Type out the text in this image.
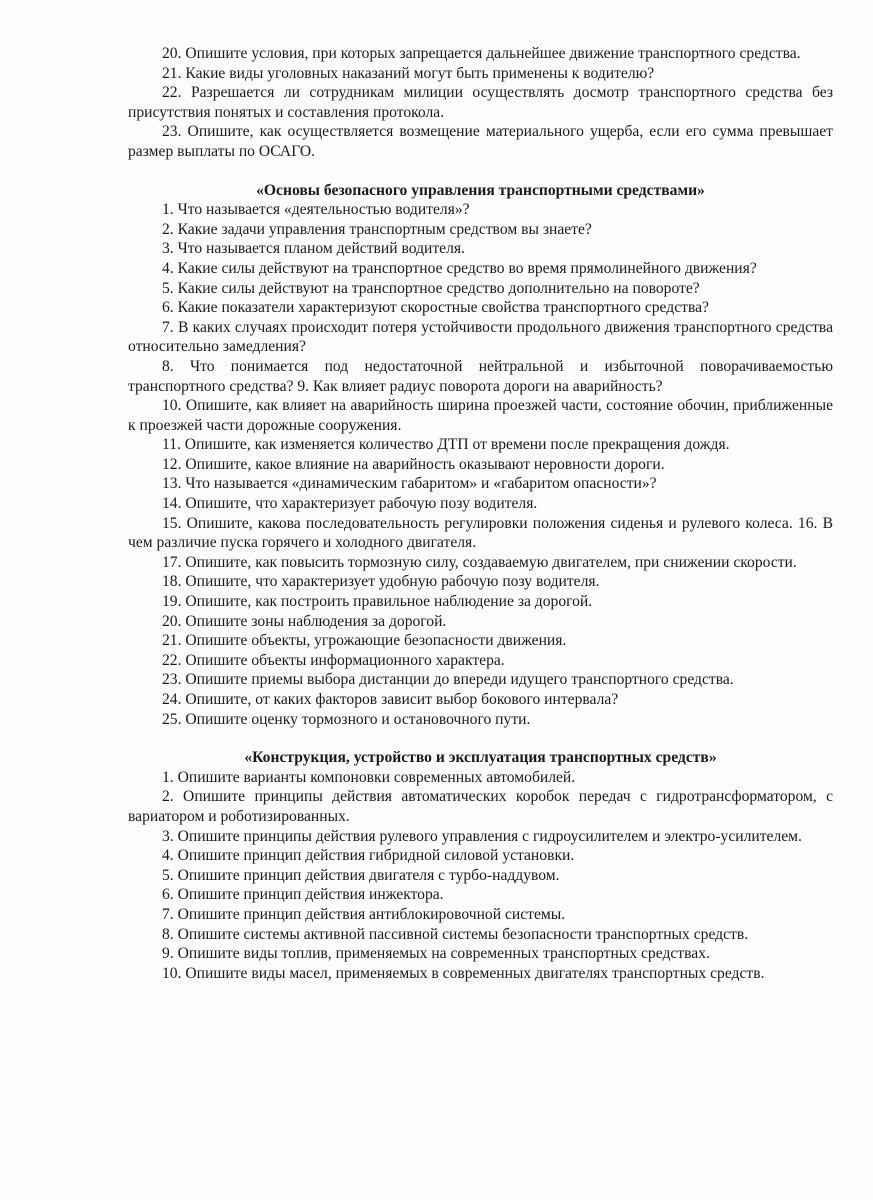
20. Опишите условия, при которых запрещается дальнейшее движение транспортного средства.

21. Какие виды уголовных наказаний могут быть применены к водителю?

22. Разрешается ли сотрудникам милиции осуществлять досмотр транспортного средства без присутствия понятых и составления протокола.

23. Опишите, как осуществляется возмещение материального ущерба, если его сумма превышает размер выплаты по ОСАГО.

«Основы безопасного управления транспортными средствами»

1. Что называется «деятельностью водителя»?

2. Какие задачи управления транспортным средством вы знаете?

3. Что называется планом действий водителя.

4. Какие силы действуют на транспортное средство во время прямолинейного движения?

5. Какие силы действуют на транспортное средство дополнительно на повороте?

6. Какие показатели характеризуют скоростные свойства транспортного средства?

7. В каких случаях происходит потеря устойчивости продольного движения транспортного средства относительно замедления?

8. Что понимается под недостаточной нейтральной и избыточной поворачиваемостью транспортного средства? 9. Как влияет радиус поворота дороги на аварийность?

10. Опишите, как влияет на аварийность ширина проезжей части, состояние обочин, приближенные к проезжей части дорожные сооружения.

11. Опишите, как изменяется количество ДТП от времени после прекращения дождя.

12. Опишите, какое влияние на аварийность оказывают неровности дороги.

13. Что называется «динамическим габаритом» и «габаритом опасности»?

14. Опишите, что характеризует рабочую позу водителя.

15. Опишите, какова последовательность регулировки положения сиденья и рулевого колеса. 16. В чем различие пуска горячего и холодного двигателя.

17. Опишите, как повысить тормозную силу, создаваемую двигателем, при снижении скорости.

18. Опишите, что характеризует удобную рабочую позу водителя.

19. Опишите, как построить правильное наблюдение за дорогой.

20. Опишите зоны наблюдения за дорогой.

21. Опишите объекты, угрожающие безопасности движения.

22. Опишите объекты информационного характера.

23. Опишите приемы выбора дистанции до впереди идущего транспортного средства.

24. Опишите, от каких факторов зависит выбор бокового интервала?

25. Опишите оценку тормозного и остановочного пути.

«Конструкция, устройство и эксплуатация транспортных средств»

1. Опишите варианты компоновки современных автомобилей.

2. Опишите принципы действия автоматических коробок передач с гидротрансформатором, с вариатором и роботизированных.

3. Опишите принципы действия рулевого управления с гидроусилителем и электро-усилителем.

4. Опишите принцип действия гибридной силовой установки.

5. Опишите принцип действия двигателя с турбо-наддувом.

6. Опишите принцип действия инжектора.

7. Опишите принцип действия антиблокировочной системы.

8. Опишите системы активной пассивной системы безопасности транспортных средств.

9. Опишите виды топлив, применяемых на современных транспортных средствах.

10. Опишите виды масел, применяемых в современных двигателях транспортных средств.
